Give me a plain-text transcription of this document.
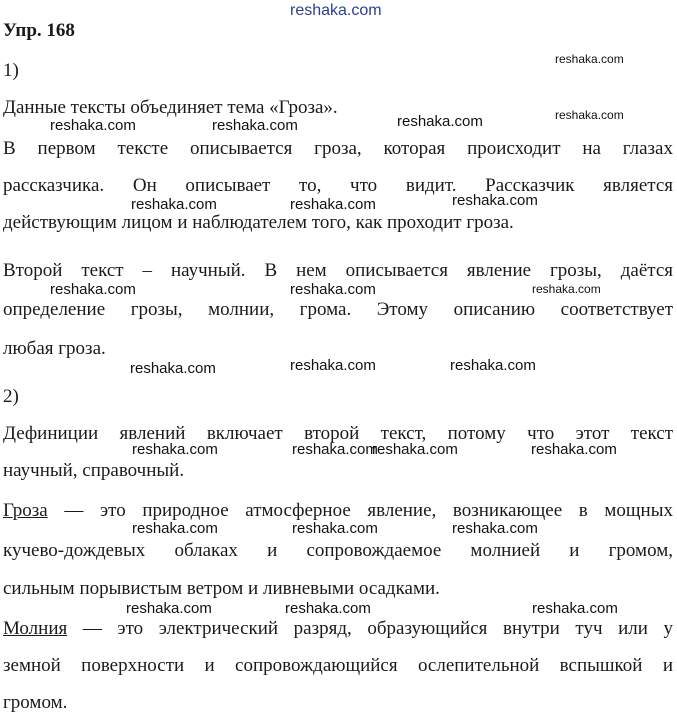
reshaka.com
reshaka.com
reshaka.com
reshaka.com	reshaka.com	reshaka.com
reshaka.com	reshaka.com	reshaka.com
reshaka.com	reshaka.com	reshaka.com
reshaka.com	reshaka.com	reshaka.com
reshaka.com	reshaka.com
reshaka.com	reshaka.com
reshaka.com	reshaka.com	reshaka.com
reshaka.com	reshaka.com	reshaka.com

Упр. 168

1)

Данные тексты объединяет тема «Гроза».

В первом тексте описывается гроза, которая происходит на глазах

рассказчика. Он описывает то, что видит. Рассказчик является

действующим лицом и наблюдателем того, как проходит гроза.

Второй текст – научный. В нем описывается явление грозы, даётся

определение грозы, молнии, грома. Этому описанию соответствует

любая гроза.

2)

Дефиниции явлений включает второй текст, потому что этот текст

научный, справочный.

Гроза — это природное атмосферное явление, возникающее в мощных

кучево-дождевых облаках и сопровождаемое молнией и громом,

сильным порывистым ветром и ливневыми осадками.

Молния — это электрический разряд, образующийся внутри туч или у

земной поверхности и сопровождающийся ослепительной вспышкой и

громом.
